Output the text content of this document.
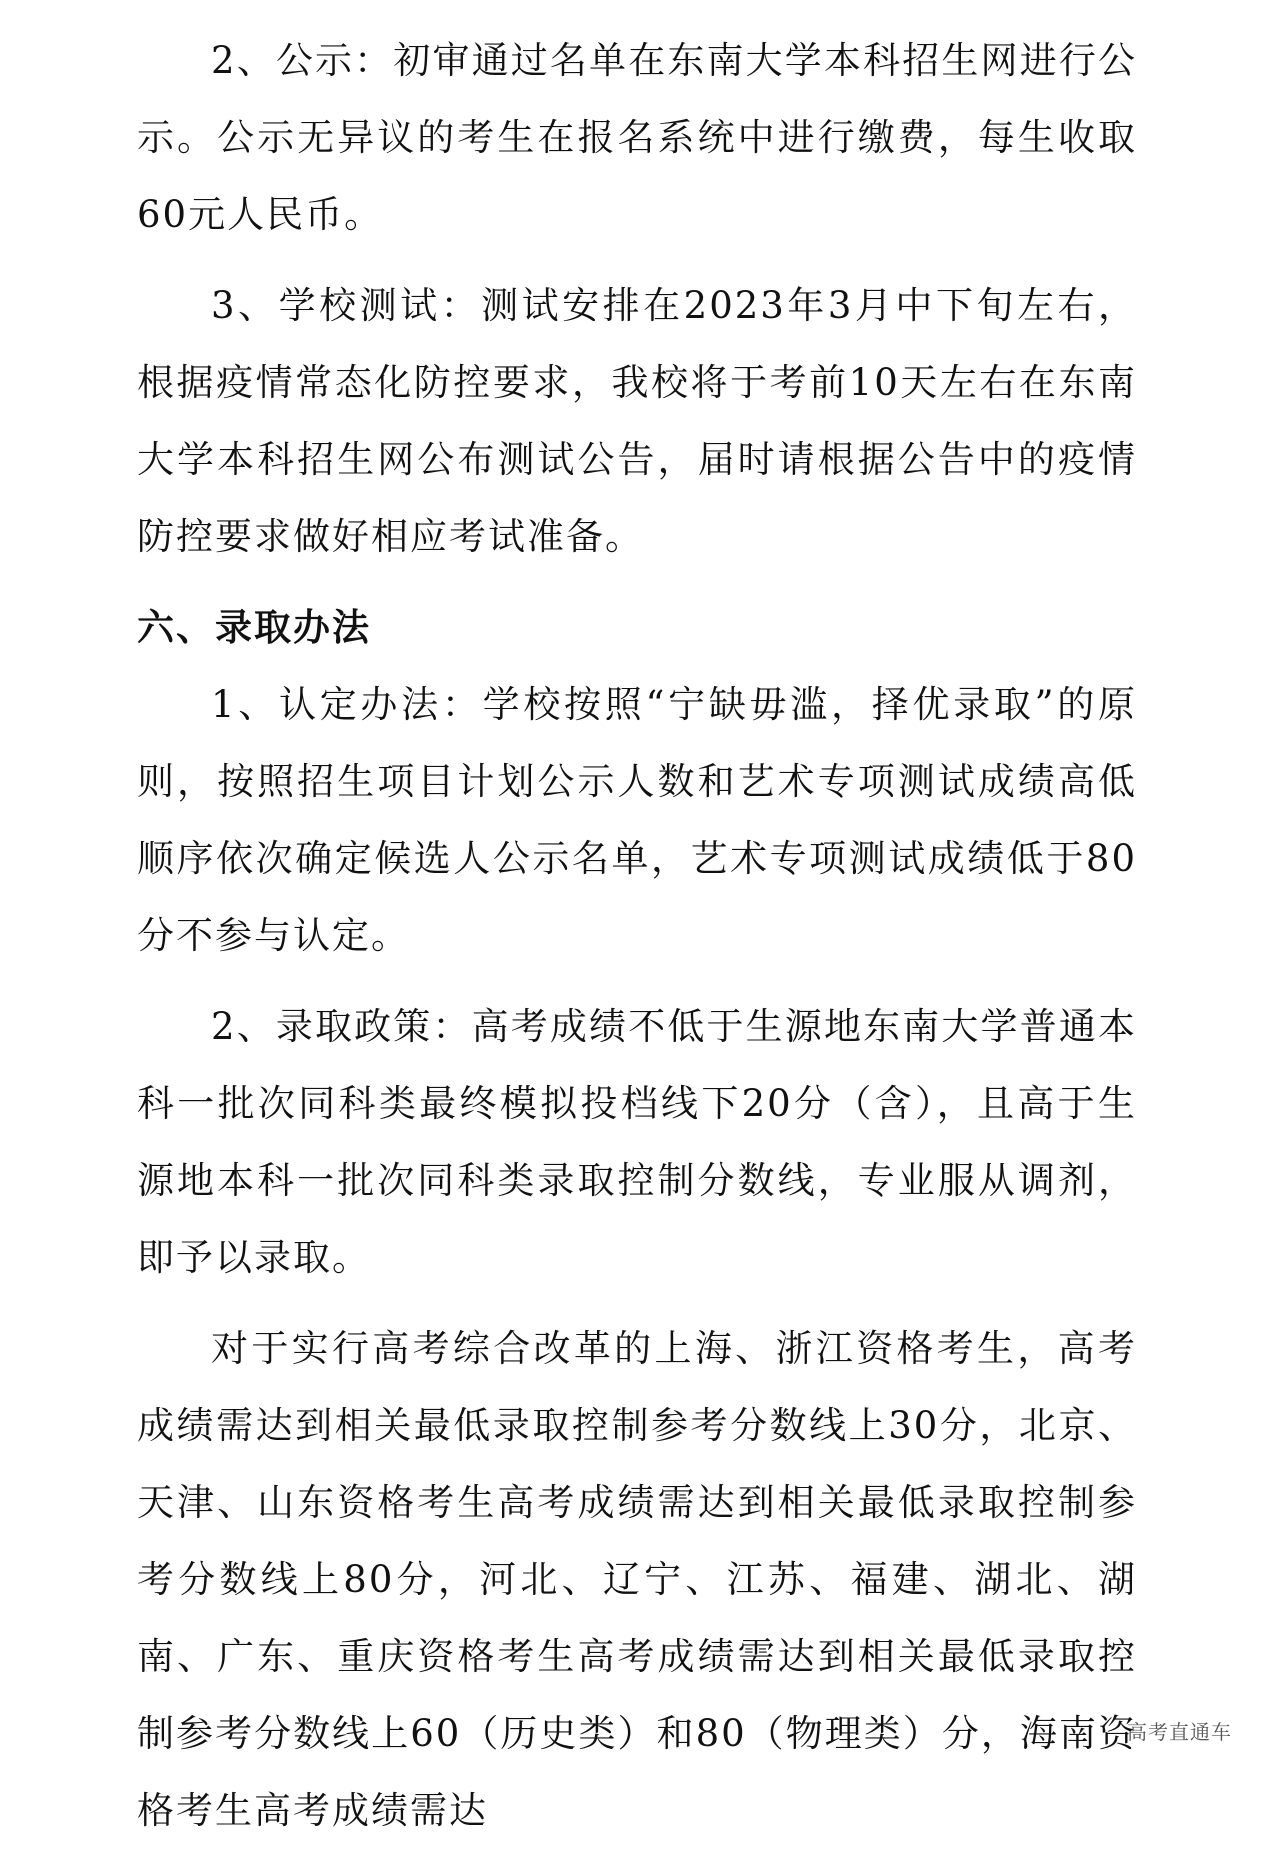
2、公示：初审通过名单在东南大学本科招生网进行公示。公示无异议的考生在报名系统中进行缴费，每生收取60元人民币。

3、学校测试：测试安排在2023年3月中下旬左右，根据疫情常态化防控要求，我校将于考前10天左右在东南大学本科招生网公布测试公告，届时请根据公告中的疫情防控要求做好相应考试准备。

六、录取办法

1、认定办法：学校按照“宁缺毋滥，择优录取”的原则，按照招生项目计划公示人数和艺术专项测试成绩高低顺序依次确定候选人公示名单，艺术专项测试成绩低于80分不参与认定。

2、录取政策：高考成绩不低于生源地东南大学普通本科一批次同科类最终模拟投档线下20分（含），且高于生源地本科一批次同科类录取控制分数线，专业服从调剂，即予以录取。

对于实行高考综合改革的上海、浙江资格考生，高考成绩需达到相关最低录取控制参考分数线上30分，北京、天津、山东资格考生高考成绩需达到相关最低录取控制参考分数线上80分，河北、辽宁、江苏、福建、湖北、湖南、广东、重庆资格考生高考成绩需达到相关最低录取控制参考分数线上60（历史类）和80（物理类）分，海南资格考生高考成绩需达

高考直通车
